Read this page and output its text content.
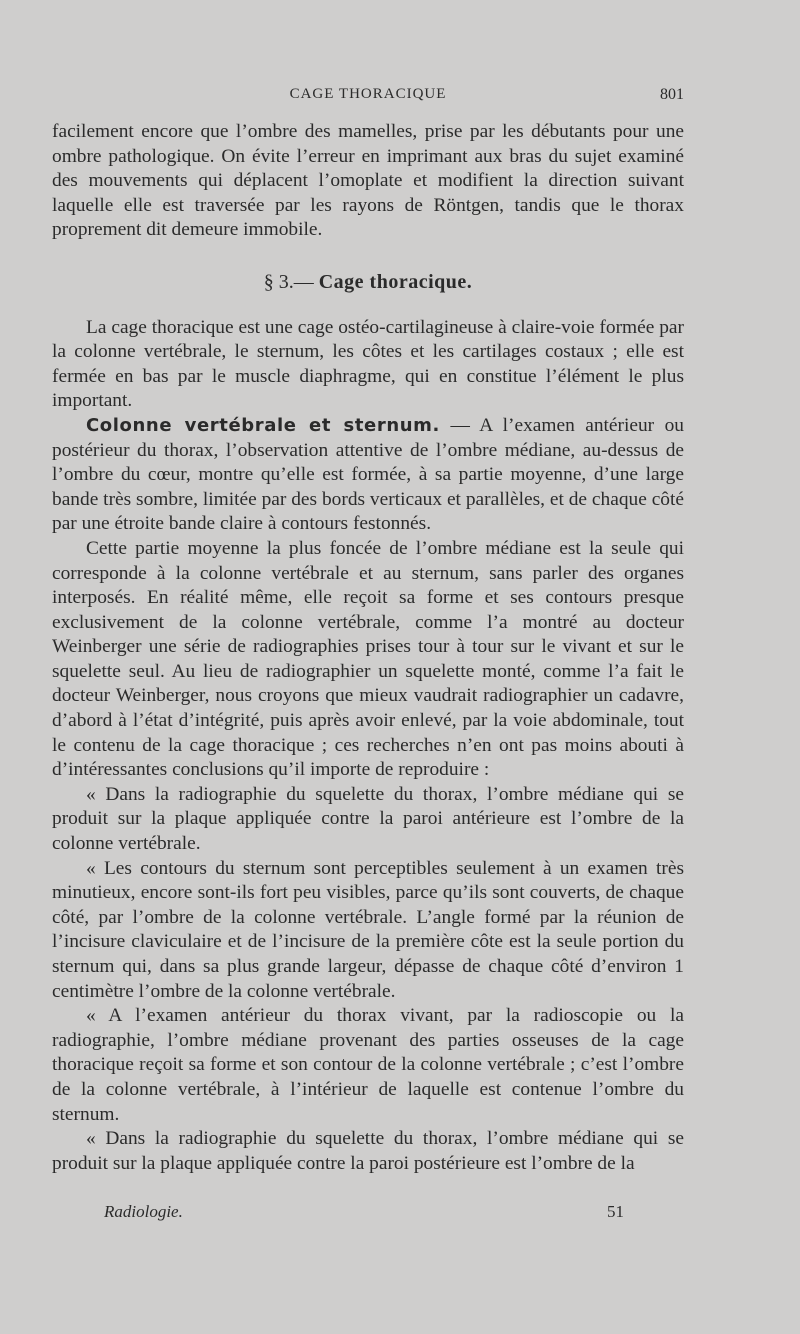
CAGE THORACIQUE	801

facilement encore que l’ombre des mamelles, prise par les débutants pour une ombre pathologique. On évite l’erreur en imprimant aux bras du sujet examiné des mouvements qui déplacent l’omoplate et modifient la direction suivant laquelle elle est traversée par les rayons de Röntgen, tandis que le thorax proprement dit demeure immobile.

§ 3.— Cage thoracique.

La cage thoracique est une cage ostéo-cartilagineuse à claire-voie formée par la colonne vertébrale, le sternum, les côtes et les cartilages costaux ; elle est fermée en bas par le muscle diaphragme, qui en constitue l’élément le plus important.

Colonne vertébrale et sternum. — A l’examen antérieur ou postérieur du thorax, l’observation attentive de l’ombre médiane, au-dessus de l’ombre du cœur, montre qu’elle est formée, à sa partie moyenne, d’une large bande très sombre, limitée par des bords verticaux et parallèles, et de chaque côté par une étroite bande claire à contours festonnés.

Cette partie moyenne la plus foncée de l’ombre médiane est la seule qui corresponde à la colonne vertébrale et au sternum, sans parler des organes interposés. En réalité même, elle reçoit sa forme et ses contours presque exclusivement de la colonne vertébrale, comme l’a montré au docteur Weinberger une série de radiographies prises tour à tour sur le vivant et sur le squelette seul. Au lieu de radiographier un squelette monté, comme l’a fait le docteur Weinberger, nous croyons que mieux vaudrait radiographier un cadavre, d’abord à l’état d’intégrité, puis après avoir enlevé, par la voie abdominale, tout le contenu de la cage thoracique ; ces recherches n’en ont pas moins abouti à d’intéressantes conclusions qu’il importe de reproduire :

« Dans la radiographie du squelette du thorax, l’ombre médiane qui se produit sur la plaque appliquée contre la paroi antérieure est l’ombre de la colonne vertébrale.

« Les contours du sternum sont perceptibles seulement à un examen très minutieux, encore sont-ils fort peu visibles, parce qu’ils sont couverts, de chaque côté, par l’ombre de la colonne vertébrale. L’angle formé par la réunion de l’incisure claviculaire et de l’incisure de la première côte est la seule portion du sternum qui, dans sa plus grande largeur, dépasse de chaque côté d’environ 1 centimètre l’ombre de la colonne vertébrale.

« A l’examen antérieur du thorax vivant, par la radioscopie ou la radiographie, l’ombre médiane provenant des parties osseuses de la cage thoracique reçoit sa forme et son contour de la colonne vertébrale ; c’est l’ombre de la colonne vertébrale, à l’intérieur de laquelle est contenue l’ombre du sternum.

« Dans la radiographie du squelette du thorax, l’ombre médiane qui se produit sur la plaque appliquée contre la paroi postérieure est l’ombre de la

Radiologie.	51
